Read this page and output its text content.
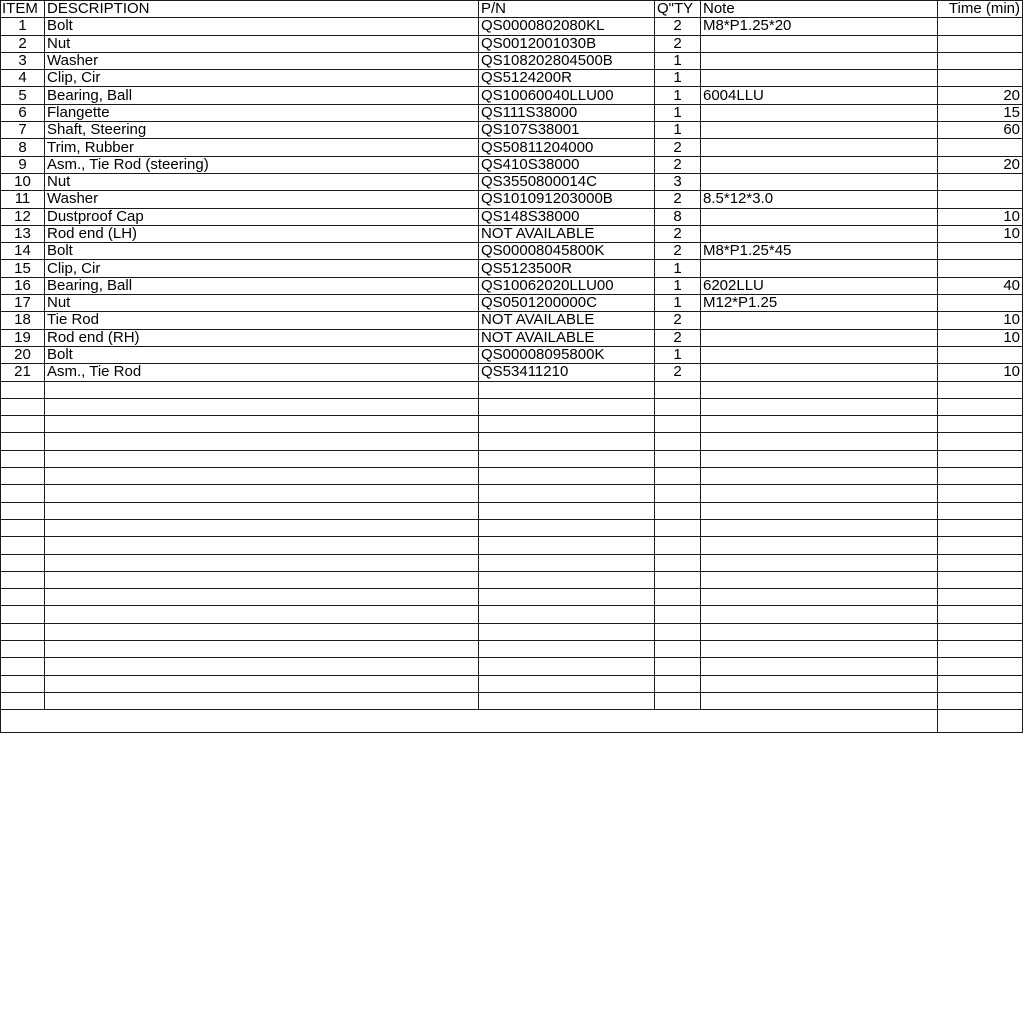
ITEM	DESCRIPTION	P/N	Q"TY	Note	Time (min)
1	Bolt	QS0000802080KL	2	M8*P1.25*20	
2	Nut	QS0012001030B	2		
3	Washer	QS108202804500B	1		
4	Clip, Cir	QS5124200R	1		
5	Bearing, Ball	QS10060040LLU00	1	6004LLU	20
6	Flangette	QS111S38000	1		15
7	Shaft, Steering	QS107S38001	1		60
8	Trim, Rubber	QS50811204000	2		
9	Asm., Tie Rod (steering)	QS410S38000	2		20
10	Nut	QS3550800014C	3		
11	Washer	QS101091203000B	2	8.5*12*3.0	
12	Dustproof Cap	QS148S38000	8		10
13	Rod end (LH)	NOT AVAILABLE	2		10
14	Bolt	QS00008045800K	2	M8*P1.25*45	
15	Clip, Cir	QS5123500R	1		
16	Bearing, Ball	QS10062020LLU00	1	6202LLU	40
17	Nut	QS0501200000C	1	M12*P1.25	
18	Tie Rod	NOT AVAILABLE	2		10
19	Rod end (RH)	NOT AVAILABLE	2		10
20	Bolt	QS00008095800K	1		
21	Asm., Tie Rod	QS53411210	2		10
